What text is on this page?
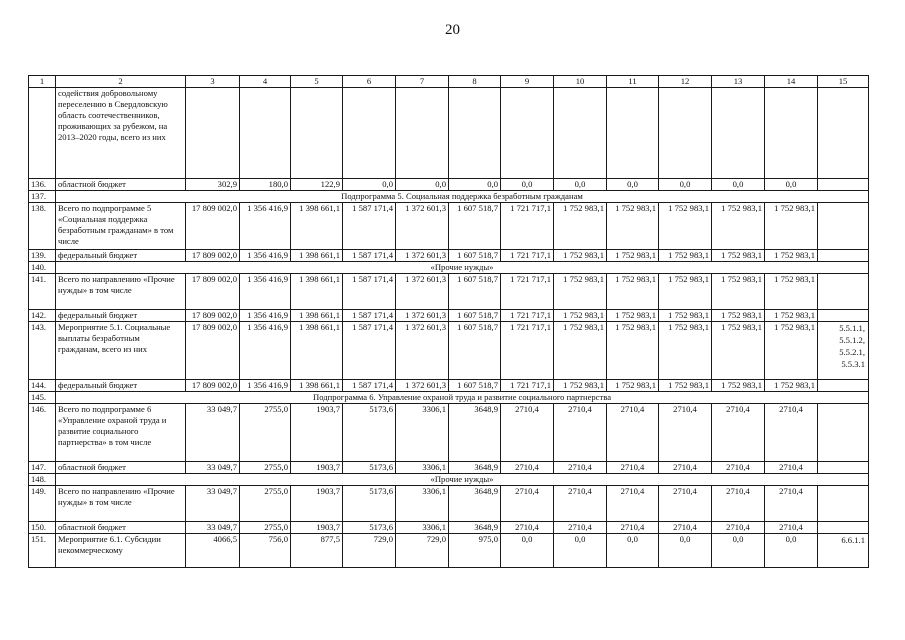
20
1	2	3	4	5	6	7	8	9	10	11	12	13	14	15
	содействия добровольному переселению в Свердловскую область соотечественников, проживающих за рубежом, на 2013–2020 годы, всего из них													
136.	областной бюджет	302,9	180,0	122,9	0,0	0,0	0,0	0,0	0,0	0,0	0,0	0,0	0,0	
137.	Подпрограмма 5. Социальная поддержка безработным гражданам													
138.	Всего по подпрограмме 5 «Социальная поддержка безработным гражданам» в том числе	17 809 002,0	1 356 416,9	1 398 661,1	1 587 171,4	1 372 601,3	1 607 518,7	1 721 717,1	1 752 983,1	1 752 983,1	1 752 983,1	1 752 983,1	1 752 983,1	
139.	федеральный бюджет	17 809 002,0	1 356 416,9	1 398 661,1	1 587 171,4	1 372 601,3	1 607 518,7	1 721 717,1	1 752 983,1	1 752 983,1	1 752 983,1	1 752 983,1	1 752 983,1	
140.	«Прочие нужды»													
141.	Всего по направлению «Прочие нужды» в том числе	17 809 002,0	1 356 416,9	1 398 661,1	1 587 171,4	1 372 601,3	1 607 518,7	1 721 717,1	1 752 983,1	1 752 983,1	1 752 983,1	1 752 983,1	1 752 983,1	
142.	федеральный бюджет	17 809 002,0	1 356 416,9	1 398 661,1	1 587 171,4	1 372 601,3	1 607 518,7	1 721 717,1	1 752 983,1	1 752 983,1	1 752 983,1	1 752 983,1	1 752 983,1	
143.	Мероприятие 5.1. Социальные выплаты безработным гражданам, всего из них	17 809 002,0	1 356 416,9	1 398 661,1	1 587 171,4	1 372 601,3	1 607 518,7	1 721 717,1	1 752 983,1	1 752 983,1	1 752 983,1	1 752 983,1	1 752 983,1	5.5.1.1, 5.5.1.2, 5.5.2.1, 5.5.3.1
144.	федеральный бюджет	17 809 002,0	1 356 416,9	1 398 661,1	1 587 171,4	1 372 601,3	1 607 518,7	1 721 717,1	1 752 983,1	1 752 983,1	1 752 983,1	1 752 983,1	1 752 983,1	
145.	Подпрограмма 6. Управление охраной труда и развитие социального партнерства													
146.	Всего по подпрограмме 6 «Управление охраной труда и развитие социального партнерства» в том числе	33 049,7	2755,0	1903,7	5173,6	3306,1	3648,9	2710,4	2710,4	2710,4	2710,4	2710,4	2710,4	
147.	областной бюджет	33 049,7	2755,0	1903,7	5173,6	3306,1	3648,9	2710,4	2710,4	2710,4	2710,4	2710,4	2710,4	
148.	«Прочие нужды»													
149.	Всего по направлению «Прочие нужды» в том числе	33 049,7	2755,0	1903,7	5173,6	3306,1	3648,9	2710,4	2710,4	2710,4	2710,4	2710,4	2710,4	
150.	областной бюджет	33 049,7	2755,0	1903,7	5173,6	3306,1	3648,9	2710,4	2710,4	2710,4	2710,4	2710,4	2710,4	
151.	Мероприятие 6.1. Субсидии некоммерческому	4066,5	756,0	877,5	729,0	729,0	975,0	0,0	0,0	0,0	0,0	0,0	0,0	6.6.1.1
